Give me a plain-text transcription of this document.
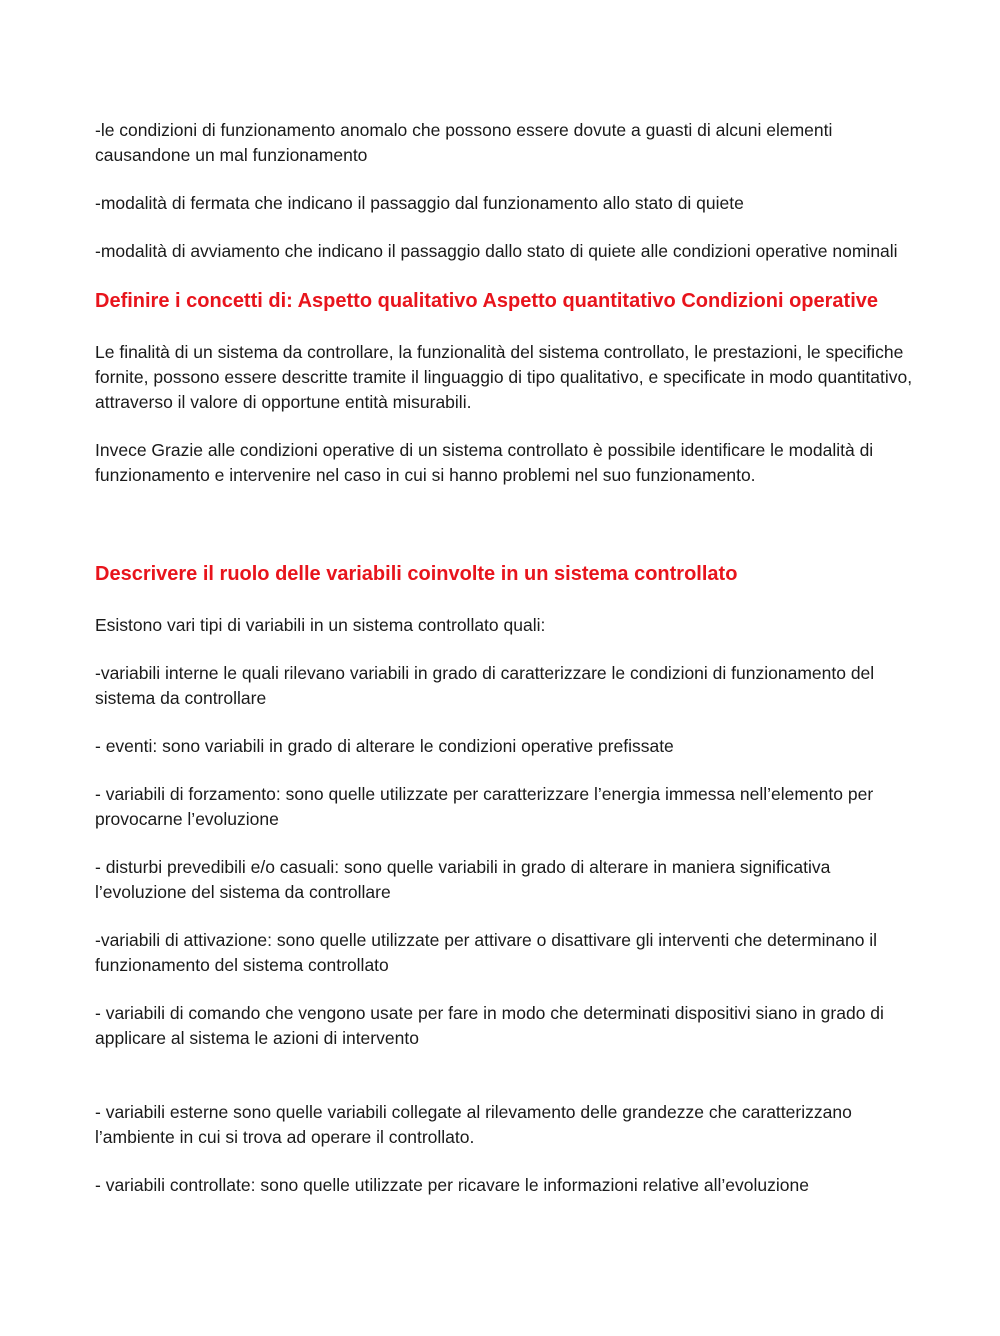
-le condizioni di funzionamento anomalo che possono essere dovute a guasti di alcuni elementi causandone un mal funzionamento

-modalità di fermata che indicano il passaggio dal funzionamento allo stato di quiete

-modalità di avviamento che indicano il passaggio dallo stato di quiete alle condizioni operative nominali

Definire i concetti di: Aspetto qualitativo Aspetto quantitativo Condizioni operative

Le finalità di un sistema da controllare, la funzionalità del sistema controllato, le prestazioni, le specifiche fornite, possono essere descritte tramite il linguaggio di tipo qualitativo, e specificate in modo quantitativo, attraverso il valore di opportune entità misurabili.

Invece Grazie alle condizioni operative di un sistema controllato è possibile identificare le modalità di funzionamento e intervenire nel caso in cui si hanno problemi nel suo funzionamento.

Descrivere il ruolo delle variabili coinvolte in un sistema controllato

Esistono vari tipi di variabili in un sistema controllato quali:

-variabili interne le quali rilevano variabili in grado di caratterizzare le condizioni di funzionamento del sistema da controllare

- eventi: sono variabili in grado di alterare le condizioni operative prefissate

- variabili di forzamento: sono quelle utilizzate per caratterizzare l’energia immessa nell’elemento per provocarne l’evoluzione

- disturbi prevedibili e/o casuali: sono quelle variabili in grado di alterare in maniera significativa l’evoluzione del sistema da controllare

-variabili di attivazione: sono quelle utilizzate per attivare o disattivare gli interventi che determinano il funzionamento del sistema controllato

- variabili di comando che vengono usate per fare in modo che determinati dispositivi siano in grado di applicare al sistema le azioni di intervento

- variabili esterne sono quelle variabili collegate al rilevamento delle grandezze che caratterizzano l’ambiente in cui si trova ad operare il controllato.

- variabili controllate: sono quelle utilizzate per ricavare le informazioni relative all’evoluzione
